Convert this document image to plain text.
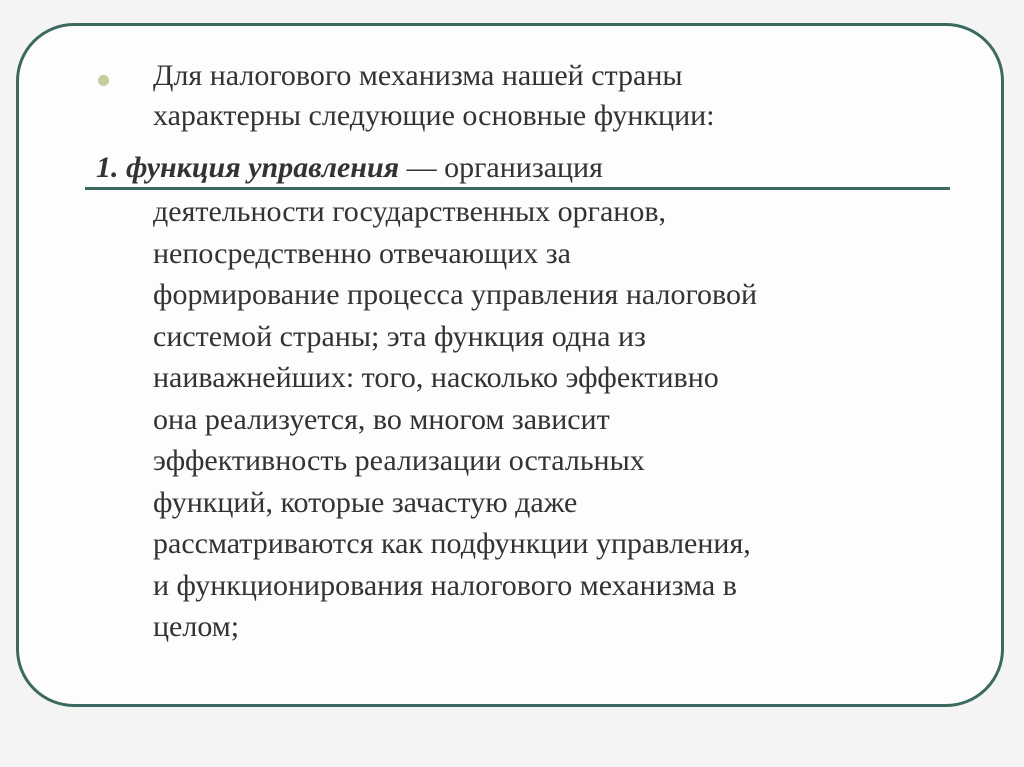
Для налогового механизма нашей страны
характерны следующие основные функции:
1. функция управления — организация
деятельности государственных органов,
непосредственно отвечающих за
формирование процесса управления налоговой
системой страны; эта функция одна из
наиважнейших: того, насколько эффективно
она реализуется, во многом зависит
эффективность реализации остальных
функций, которые зачастую даже
рассматриваются как подфункции управления,
и функционирования налогового механизма в
целом;
